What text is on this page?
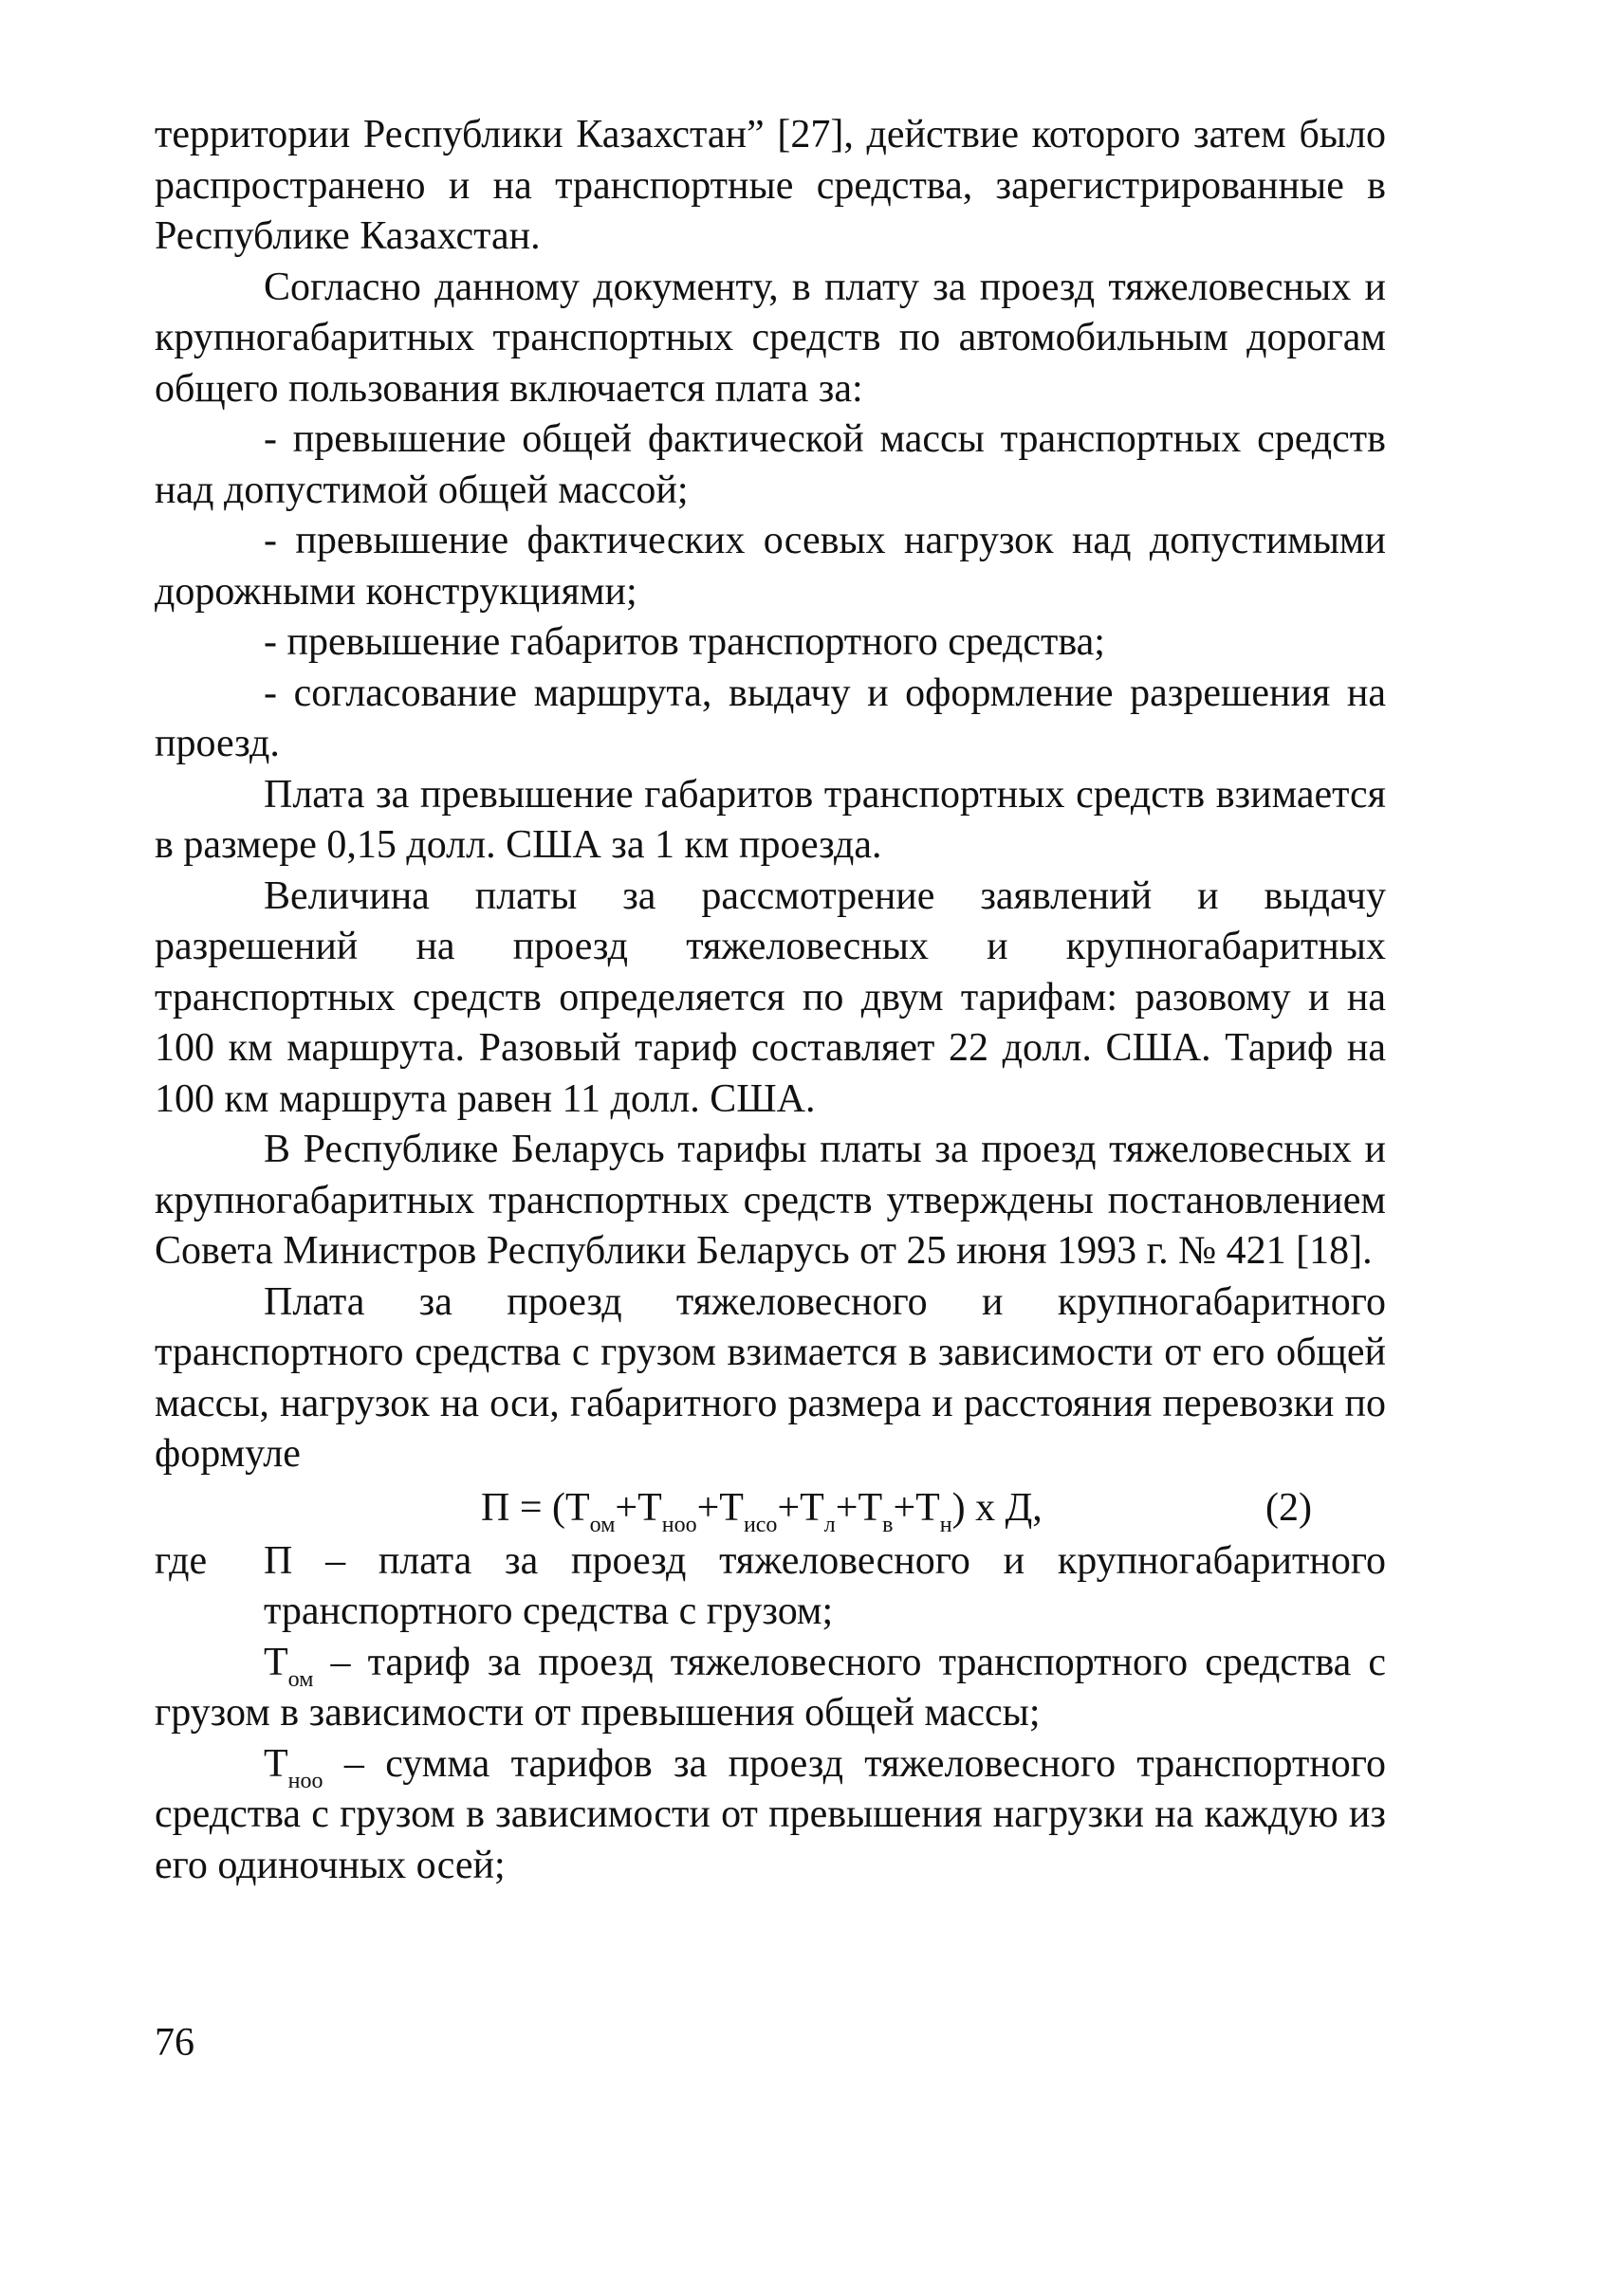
территории Республики Казахстан” [27], действие которого затем было распространено и на транспортные средства, зарегистрированные в Республике Казахстан.

Согласно данному документу, в плату за проезд тяжеловесных и крупногабаритных транспортных средств по автомобильным дорогам общего пользования включается плата за:

- превышение общей фактической массы транспортных средств над допустимой общей массой;

- превышение фактических осевых нагрузок над допустимыми дорожными конструкциями;

- превышение габаритов транспортного средства;

- согласование маршрута, выдачу и оформление разрешения на проезд.

Плата за превышение габаритов транспортных средств взимается в размере 0,15 долл. США за 1 км проезда.

Величина платы за рассмотрение заявлений и выдачу разрешений на проезд тяжеловесных и крупногабаритных транспортных средств определяется по двум тарифам: разовому и на 100 км маршрута. Разовый тариф составляет 22 долл. США. Тариф на 100 км маршрута равен 11 долл. США.

В Республике Беларусь тарифы платы за проезд тяжеловесных и крупногабаритных транспортных средств утверждены постановлением Совета Министров Республики Беларусь от 25 июня 1993 г. № 421 [18].

Плата за проезд тяжеловесного и крупногабаритного транспортного средства с грузом взимается в зависимости от его общей массы, нагрузок на оси, габаритного размера и расстояния перевозки по формуле

$П = (Т_{ом}+Т_{ноо}+Т_{исо}+Т_л+Т_в+Т_н)$ х Д,	(2)
где	П – плата за проезд тяжеловесного и крупногабаритного транспортного средства с грузом;

$Т_{ом}$ – тариф за проезд тяжеловесного транспортного средства с грузом в зависимости от превышения общей массы;

$Т_{ноо}$ – сумма тарифов за проезд тяжеловесного транспортного средства с грузом в зависимости от превышения нагрузки на каждую из его одиночных осей;

76
